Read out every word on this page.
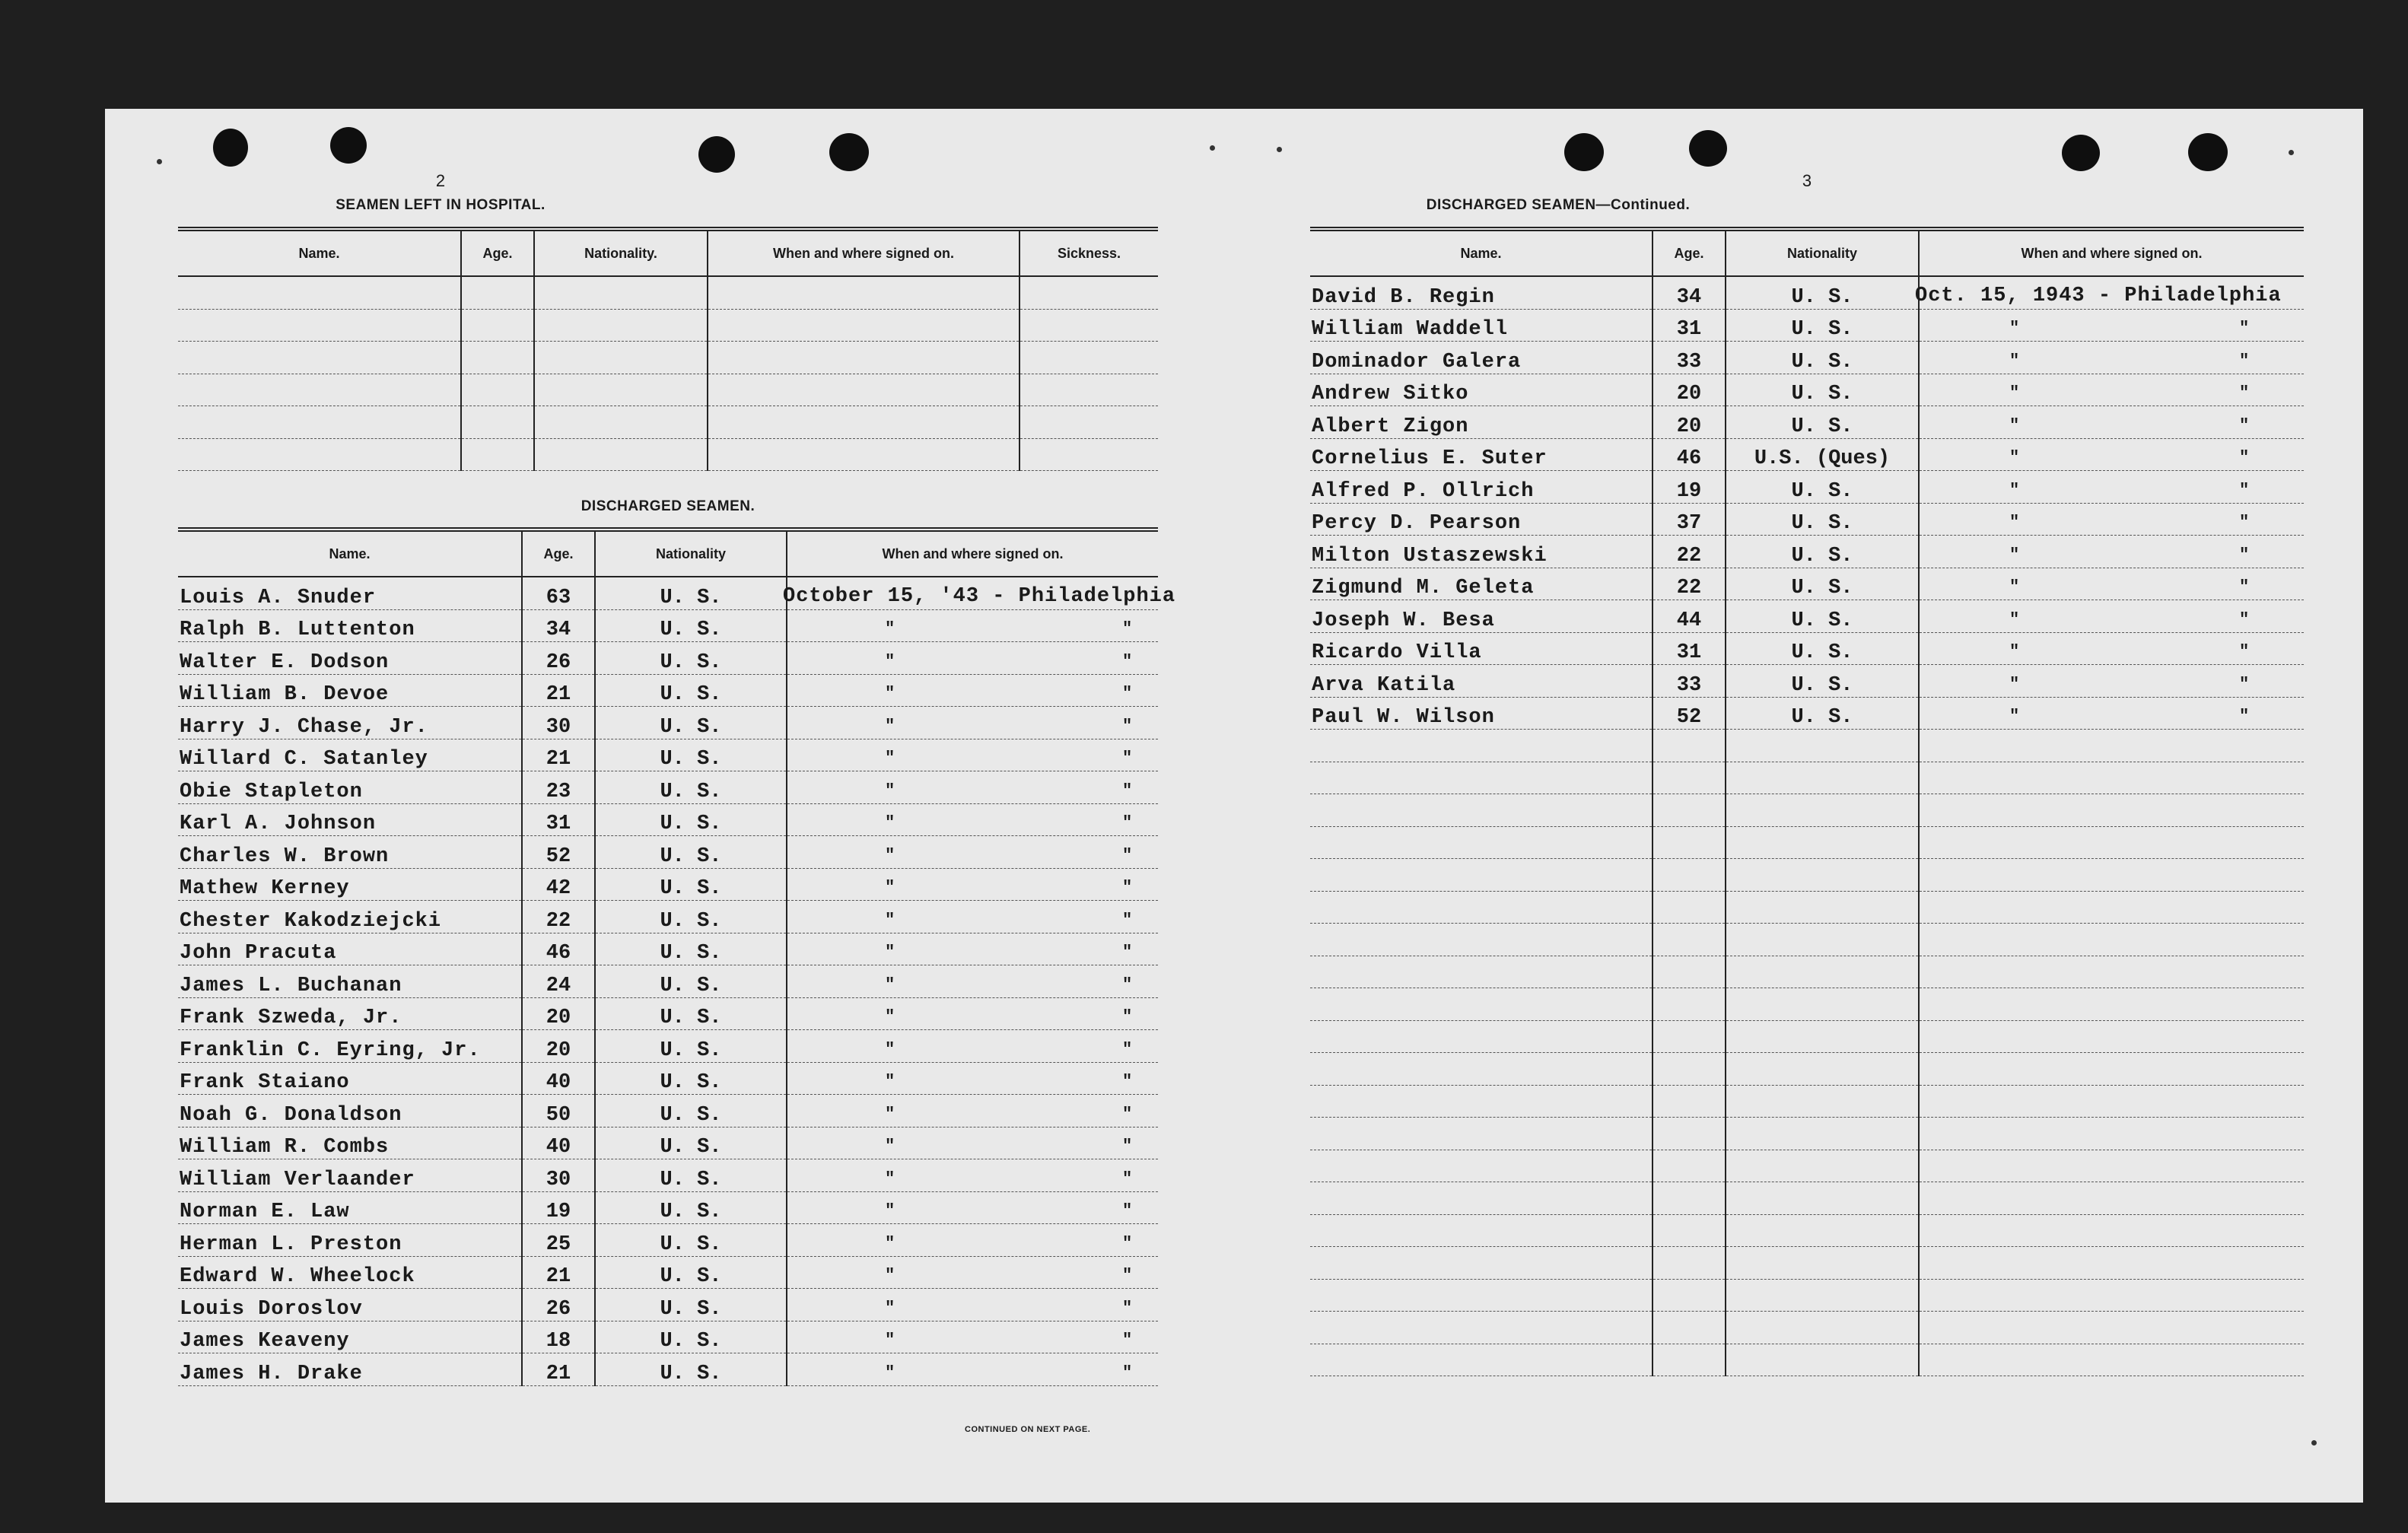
2
SEAMEN LEFT IN HOSPITAL.
Name.	Age.	Nationality.	When and where signed on.	Sickness.

DISCHARGED SEAMEN.
Name.	Age.	Nationality	When and where signed on.
Louis A. Snuder	63	U. S.	October 15, '43 - Philadelphia

Ralph B. Luttenton	34	U. S.	" "

Walter E. Dodson	26	U. S.	" "

William B. Devoe	21	U. S.	" "

Harry J. Chase, Jr.	30	U. S.	" "

Willard C. Satanley	21	U. S.	" "

Obie Stapleton	23	U. S.	" "

Karl A. Johnson	31	U. S.	" "

Charles W. Brown	52	U. S.	" "

Mathew Kerney	42	U. S.	" "

Chester Kakodziejcki	22	U. S.	" "

John Pracuta	46	U. S.	" "

James L. Buchanan	24	U. S.	" "

Frank Szweda, Jr.	20	U. S.	" "

Franklin C. Eyring, Jr.	20	U. S.	" "

Frank Staiano	40	U. S.	" "

Noah G. Donaldson	50	U. S.	" "

William R. Combs	40	U. S.	" "

William Verlaander	30	U. S.	" "

Norman E. Law	19	U. S.	" "

Herman L. Preston	25	U. S.	" "

Edward W. Wheelock	21	U. S.	" "

Louis Doroslov	26	U. S.	" "

James Keaveny	18	U. S.	" "

James H. Drake	21	U. S.	" "
CONTINUED ON NEXT PAGE.
3
DISCHARGED SEAMEN—Continued.
Name.	Age.	Nationality	When and where signed on.
David B. Regin	34	U. S.	Oct. 15, 1943 - Philadelphia

William Waddell	31	U. S.	" "

Dominador Galera	33	U. S.	" "

Andrew Sitko	20	U. S.	" "

Albert Zigon	20	U. S.	" "

Cornelius E. Suter	46	U.S. (Ques)	" "

Alfred P. Ollrich	19	U. S.	" "

Percy D. Pearson	37	U. S.	" "

Milton Ustaszewski	22	U. S.	" "

Zigmund M. Geleta	22	U. S.	" "

Joseph W. Besa	44	U. S.	" "

Ricardo Villa	31	U. S.	" "

Arva Katila	33	U. S.	" "

Paul W. Wilson	52	U. S.	" "
